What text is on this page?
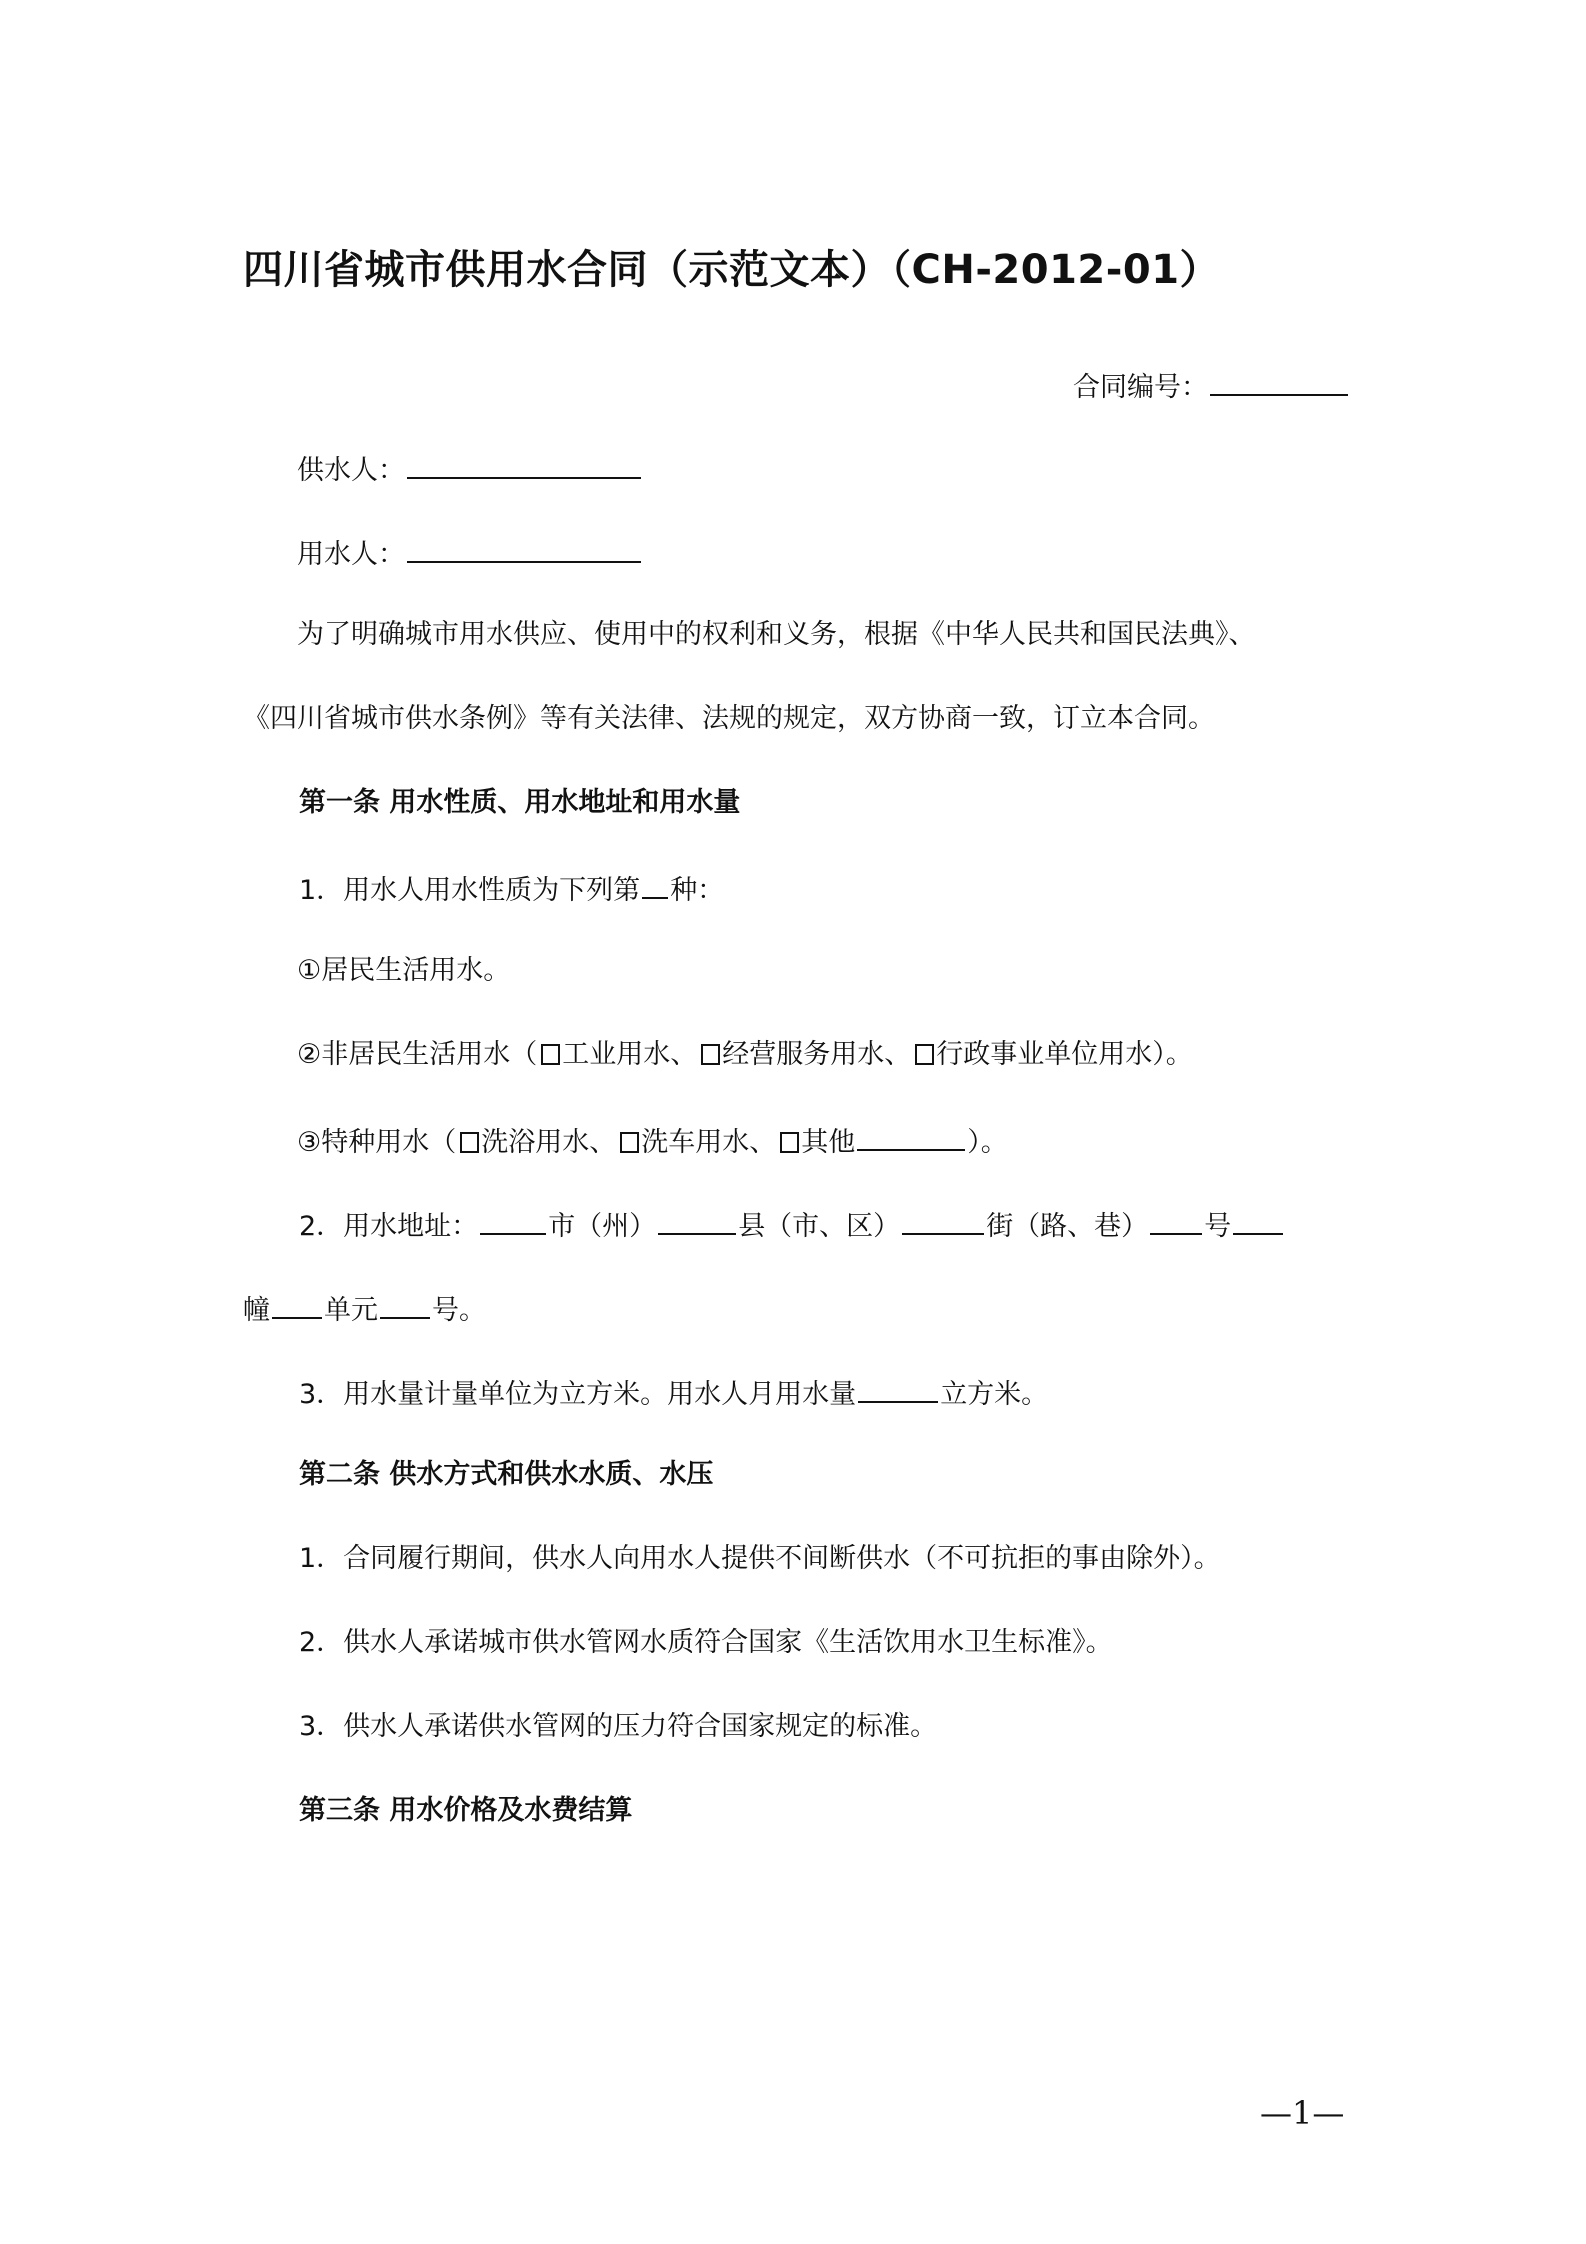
四川省城市供用水合同（示范文本）（CH-2012-01）
合同编号：
供水人：
用水人：
为了明确城市用水供应、使用中的权利和义务，根据《中华人民共和国民法典》、
《四川省城市供水条例》等有关法律、法规的规定，双方协商一致，订立本合同。
第一条 用水性质、用水地址和用水量
1．用水人用水性质为下列第 种：
①居民生活用水。
②非居民生活用水（ 工业用水、 经营服务用水、 行政事业单位用水）。
③特种用水（ 洗浴用水、 洗车用水、 其他	）。
2．用水地址：	市（州）	县（市、区）	街（路、巷） 号
幢 单元 号。
3．用水量计量单位为立方米。用水人月用水量	立方米。
第二条 供水方式和供水水质、水压
1．合同履行期间，供水人向用水人提供不间断供水（不可抗拒的事由除外）。
2．供水人承诺城市供水管网水质符合国家《生活饮用水卫生标准》。
3．供水人承诺供水管网的压力符合国家规定的标准。
第三条 用水价格及水费结算
—1—
